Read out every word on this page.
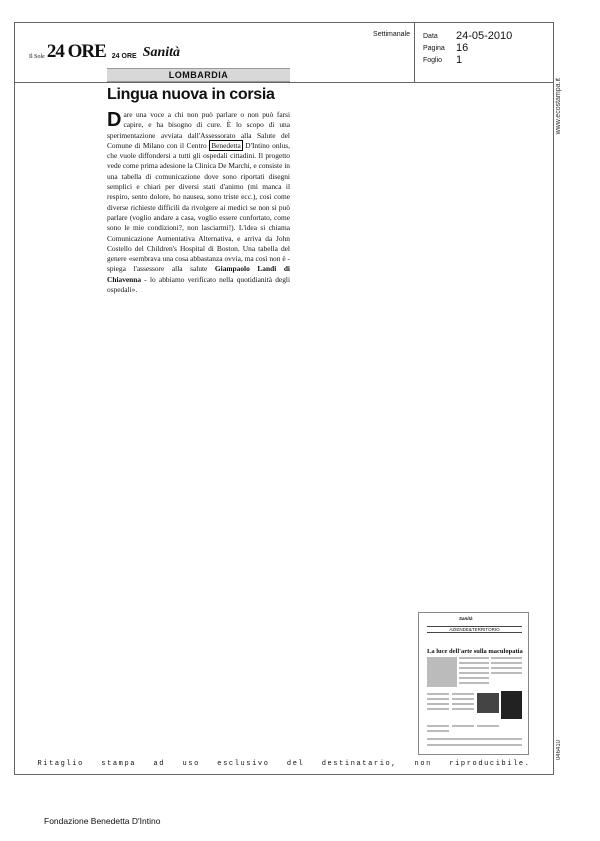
Il Sole 24 ORE 24 ORE Sanità
Settimanale	Data	24-05-2010
Pagina	16
Foglio	1
LOMBARDIA
Lingua nuova in corsia

Dare una voce a chi non può parlare o non può farsi capire, e ha bisogno di cure. È lo scopo di una sperimentazione avviata dall'Assessorato alla Salute del Comune di Milano con il Centro Benedetta D'Intino onlus, che vuole diffondersi a tutti gli ospedali cittadini. Il progetto vede come prima adesione la Clinica De Marchi, e consiste in una tabella di comunicazione dove sono riportati disegni semplici e chiari per diversi stati d'animo (mi manca il respiro, sento dolore, ho nausea, sono triste ecc.), così come diverse richieste difficili da rivolgere ai medici se non si può parlare (voglio andare a casa, voglio essere confortato, come sono le mie condizioni?, non lasciarmi!). L'idea si chiama Comunicazione Aumentativa Alternativa, e arriva da John Costello del Children's Hospital di Boston. Una tabella del genere «sembrava una cosa abbastanza ovvia, ma così non è - spiega l'assessore alla salute Giampaolo Landi di Chiavenna - lo abbiamo verificato nella quotidianità degli ospedali».

Sanità
AZIENDE&TERRITORIO
La luce dell'arte sulla maculopatia
www.ecostampa.it
046410
Ritaglio   stampa   ad   uso   esclusivo   del   destinatario,   non   riproducibile.
Fondazione Benedetta D'Intino
